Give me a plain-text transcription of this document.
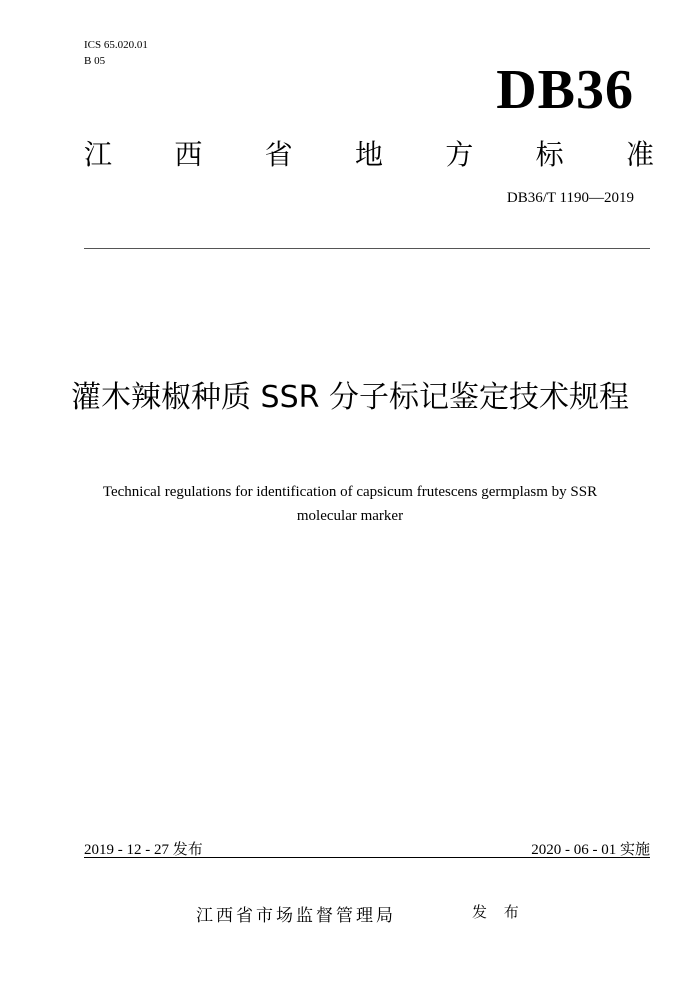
ICS 65.020.01
B 05	DB36
江 西 省 地 方 标 准
DB36/T 1190—2019
灌木辣椒种质 SSR 分子标记鉴定技术规程
Technical regulations for identification of capsicum frutescens germplasm by SSR
molecular marker
2019 - 12 - 27 发布	2020 - 06 - 01 实施
江西省市场监督管理局	发 布
